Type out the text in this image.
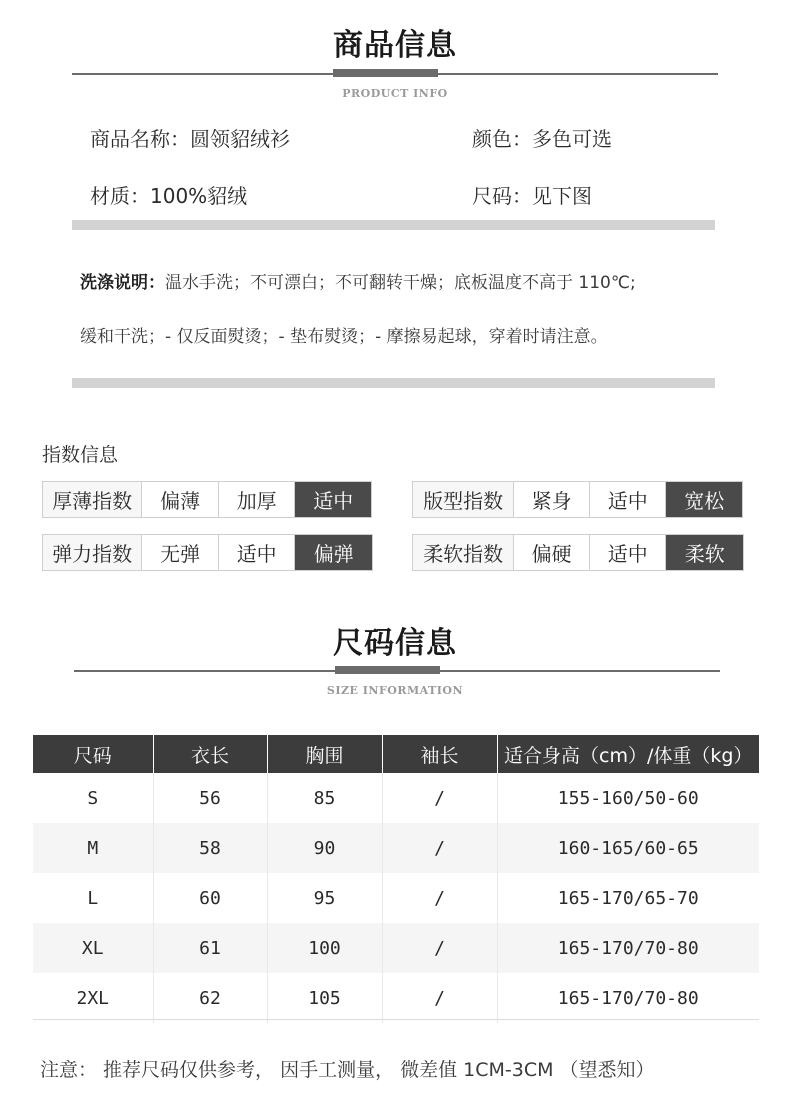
商品信息
PRODUCT INFO
商品名称：圆领貂绒衫	颜色：多色可选
材质：100%貂绒	尺码：见下图
洗涤说明：温水手洗；不可漂白；不可翻转干燥；底板温度不高于 110℃;
缓和干洗；- 仅反面熨烫；- 垫布熨烫；- 摩擦易起球，穿着时请注意。
指数信息
厚薄指数	偏薄	加厚	适中	版型指数	紧身	适中	宽松
弹力指数	无弹	适中	偏弹	柔软指数	偏硬	适中	柔软
尺码信息
SIZE INFORMATION
尺码	衣长	胸围	袖长	适合身高（cm）/体重（kg）
S	56	85	/	155-160/50-60
M	58	90	/	160-165/60-65
L	60	95	/	165-170/65-70
XL	61	100	/	165-170/70-80
2XL	62	105	/	165-170/70-80
注意： 推荐尺码仅供参考， 因手工测量， 微差值 1CM-3CM （望悉知）
